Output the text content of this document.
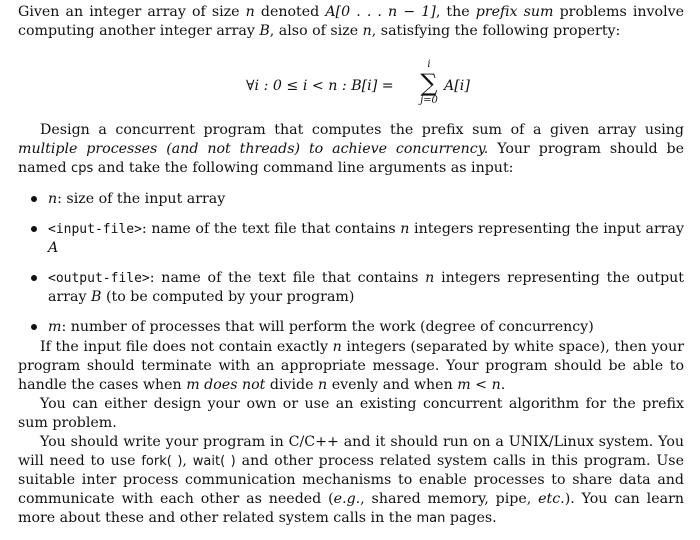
Given an integer array of size n denoted A[0 . . . n − 1], the prefix sum problems involve computing another integer array B, also of size n, satisfying the following property:

∀i : 0 ≤ i < n : B[i] =
i
∑
j=0
A[i]

Design a concurrent program that computes the prefix sum of a given array using multiple processes (and not threads) to achieve concurrency. Your program should be named cps and take the following command line arguments as input:

n: size of the input array
<input-file>: name of the text file that contains n integers representing the input array A
<output-file>: name of the text file that contains n integers representing the output array B (to be computed by your program)
m: number of processes that will perform the work (degree of concurrency)

If the input file does not contain exactly n integers (separated by white space), then your program should terminate with an appropriate message. Your program should be able to handle the cases when m does not divide n evenly and when m < n.

You can either design your own or use an existing concurrent algorithm for the prefix sum problem.

You should write your program in C/C++ and it should run on a UNIX/Linux system. You will need to use fork( ), wait( ) and other process related system calls in this program. Use suitable inter process communication mechanisms to enable processes to share data and communicate with each other as needed (e.g., shared memory, pipe, etc.). You can learn more about these and other related system calls in the man pages.
